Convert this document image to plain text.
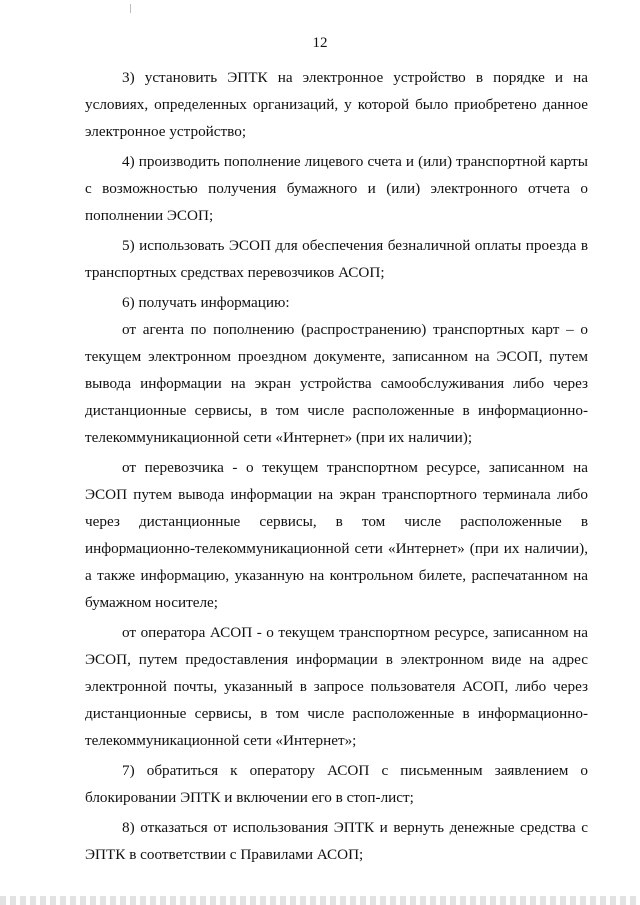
12

3) установить ЭПТК на электронное устройство в порядке и на условиях, определенных организаций, у которой было приобретено данное электронное устройство;

4) производить пополнение лицевого счета и (или) транспортной карты с возможностью получения бумажного и (или) электронного отчета о пополнении ЭСОП;

5) использовать ЭСОП для обеспечения безналичной оплаты проезда в транспортных средствах перевозчиков АСОП;

6) получать информацию:

от агента по пополнению (распространению) транспортных карт – о текущем электронном проездном документе, записанном на ЭСОП, путем вывода информации на экран устройства самообслуживания либо через дистанционные сервисы, в том числе расположенные в информационно-телекоммуникационной сети «Интернет» (при их наличии);

от перевозчика - о текущем транспортном ресурсе, записанном на ЭСОП путем вывода информации на экран транспортного терминала либо через дистанционные сервисы, в том числе расположенные в информационно-телекоммуникационной сети «Интернет» (при их наличии), а также информацию, указанную на контрольном билете, распечатанном на бумажном носителе;

от оператора АСОП - о текущем транспортном ресурсе, записанном на ЭСОП, путем предоставления информации в электронном виде на адрес электронной почты, указанный в запросе пользователя АСОП, либо через дистанционные сервисы, в том числе расположенные в информационно-телекоммуникационной сети «Интернет»;

7) обратиться к оператору АСОП с письменным заявлением о блокировании ЭПТК и включении его в стоп-лист;

8) отказаться от использования ЭПТК и вернуть денежные средства с ЭПТК в соответствии с Правилами АСОП;
